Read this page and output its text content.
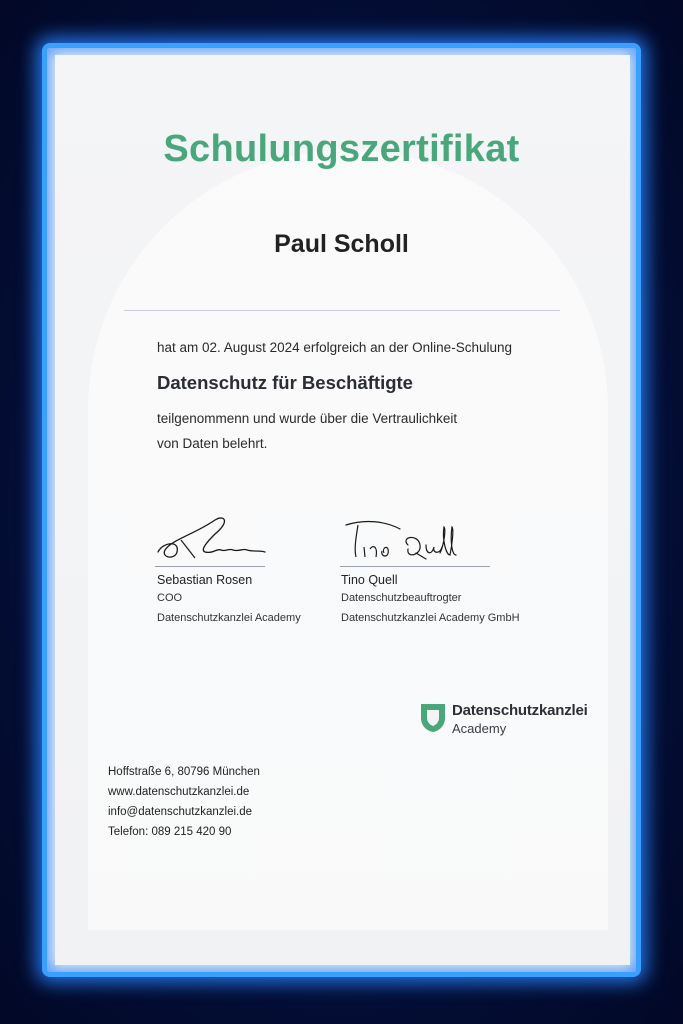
Schulungszertifikat
Paul Scholl
hat am 02. August 2024 erfolgreich an der Online-Schulung
Datenschutz für Beschäftigte
teilgenommenn und wurde über die Vertraulichkeit
von Daten belehrt.
Sebastian Rosen
COO
Datenschutzkanzlei Academy
Tino Quell
Datenschutzbeauftrogter
Datenschutzkanzlei Academy GmbH
Datenschutzkanzlei
Academy
Hoffstraße 6, 80796 München
www.datenschutzkanzlei.de
info@datenschutzkanzlei.de
Telefon: 089 215 420 90
